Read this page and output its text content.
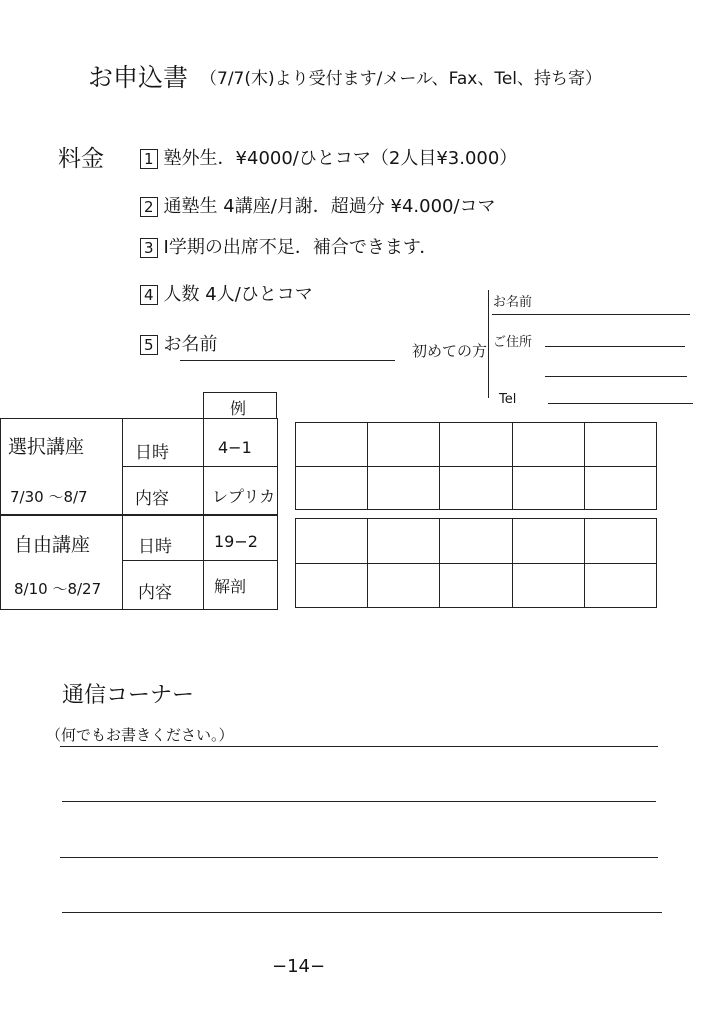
お申込書 （7/7(木)より受付ます/メール、Fax、Tel、持ち寄）
料金	1 塾外生．¥4000/ひとコマ（2人目¥3.000）
2 通塾生 4講座/月謝．超過分 ¥4.000/コマ
3 I学期の出席不足．補合できます．
4 人数 4人/ひとコマ
5 お名前	初めての方
お名前
ご住所
Tel
例
選択講座
7/30 〜8/7
日時	4−1
内容	レプリカ
自由講座
8/10 〜8/27
日時	19−2
内容	解剖

通信コーナー
（何でもお書きください。）
−14−
